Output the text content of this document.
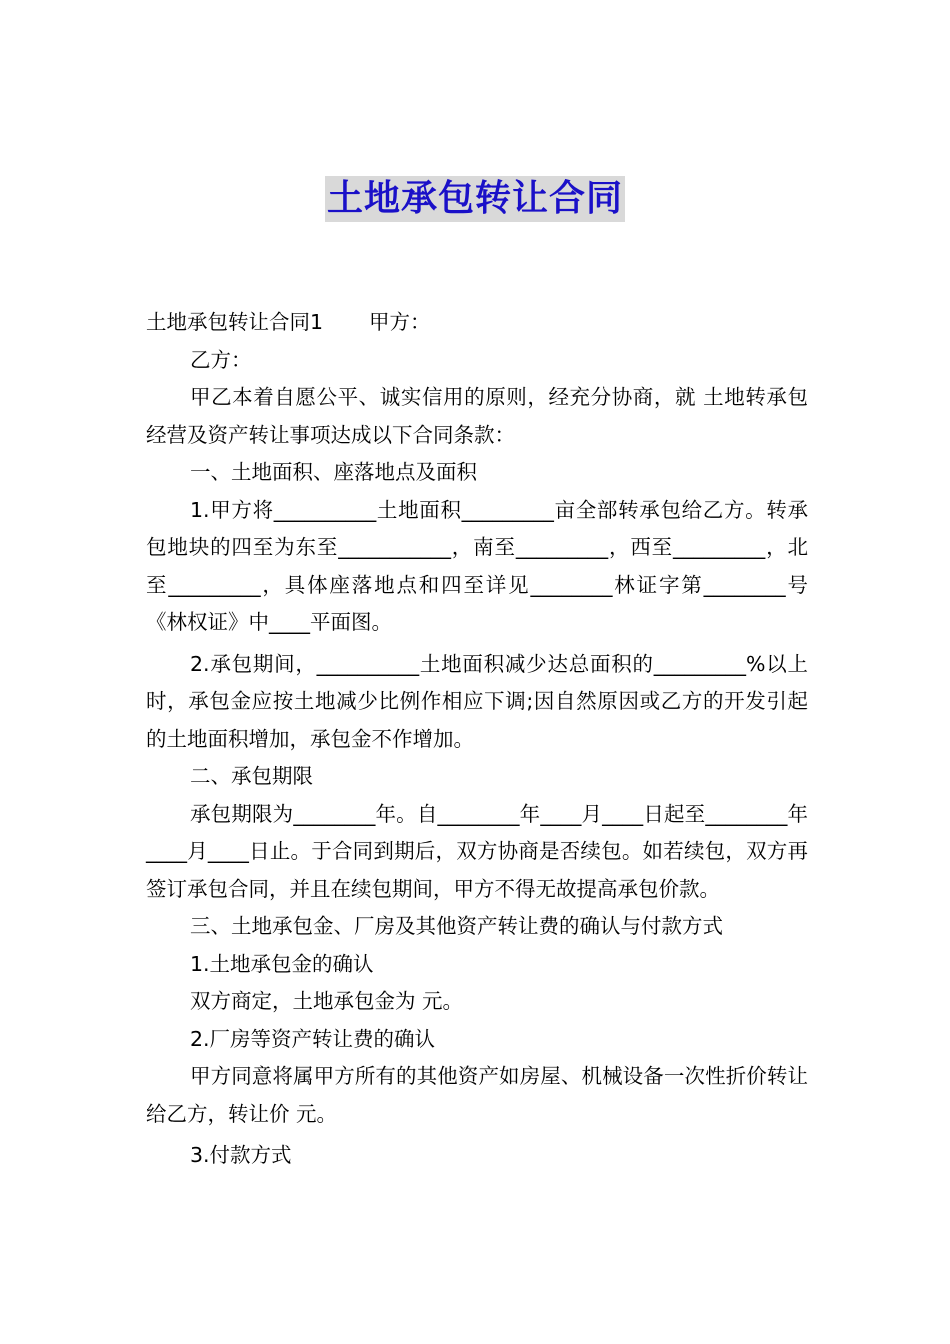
土地承包转让合同

土地承包转让合同1 甲方：

乙方：

甲乙本着自愿公平、诚实信用的原则，经充分协商，就 土地转承包经营及资产转让事项达成以下合同条款：

一、土地面积、座落地点及面积

1.甲方将__________土地面积_________亩全部转承包给乙方。转承包地块的四至为东至___________，南至_________，西至_________，北至_________，具体座落地点和四至详见________林证字第________号《林权证》中____平面图。

2.承包期间，__________土地面积减少达总面积的_________%以上时，承包金应按土地减少比例作相应下调;因自然原因或乙方的开发引起的土地面积增加，承包金不作增加。

二、承包期限

承包期限为________年。自________年____月____日起至________年____月____日止。于合同到期后，双方协商是否续包。如若续包，双方再签订承包合同，并且在续包期间，甲方不得无故提高承包价款。

三、土地承包金、厂房及其他资产转让费的确认与付款方式

1.土地承包金的确认

双方商定，土地承包金为 元。

2.厂房等资产转让费的确认

甲方同意将属甲方所有的其他资产如房屋、机械设备一次性折价转让给乙方，转让价 元。

3.付款方式
